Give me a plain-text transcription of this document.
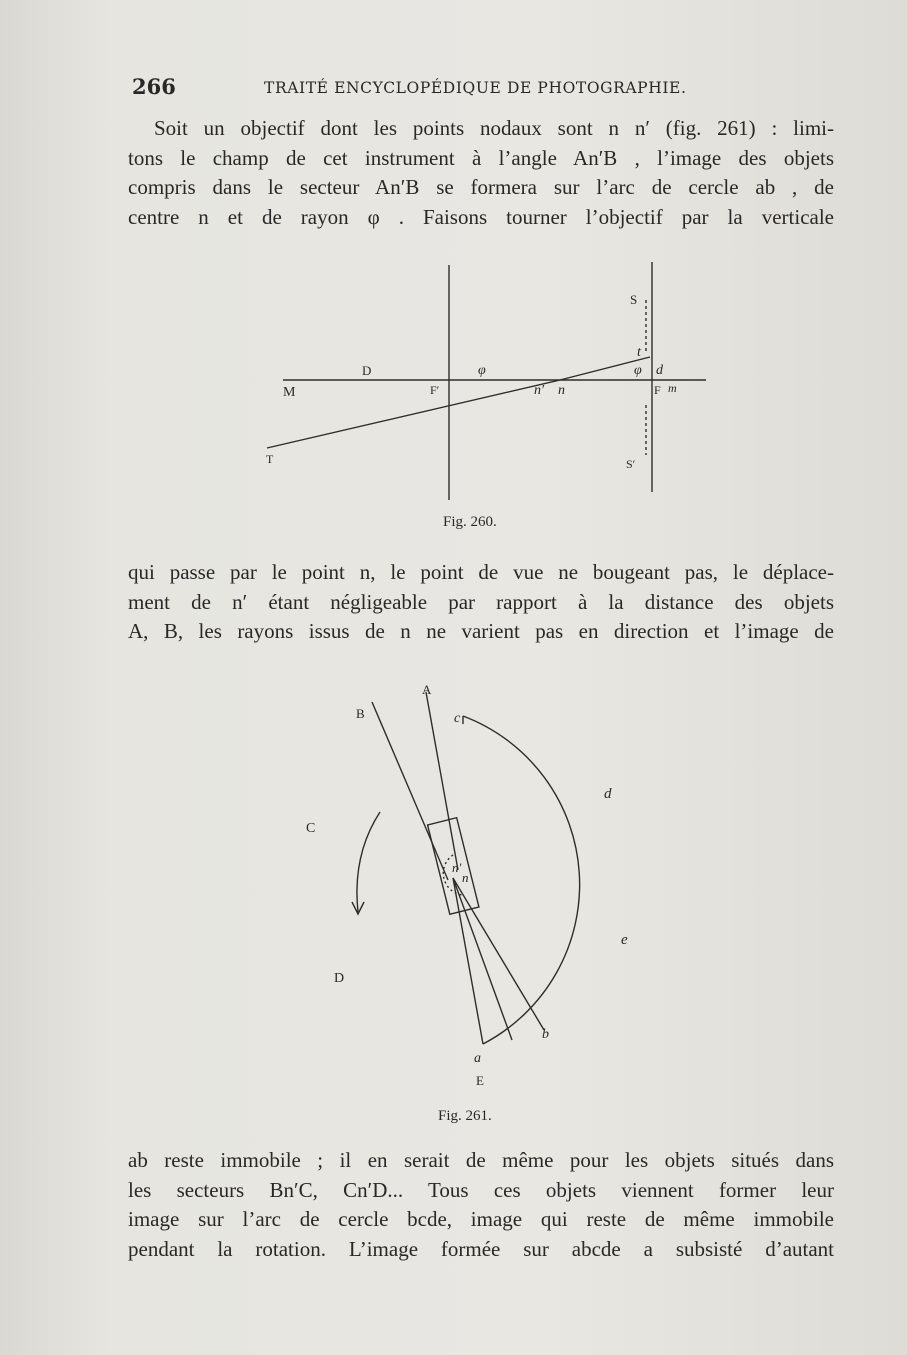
266	TRAITÉ ENCYCLOPÉDIQUE DE PHOTOGRAPHIE.

Soit un objectif dont les points nodaux sont n n′ (fig. 261) : limi-
tons le champ de cet instrument à l’angle An′B , l’image des objets
compris dans le secteur An′B se formera sur l’arc de cercle ab , de
centre n et de rayon φ . Faisons tourner l’objectif par la verticale

M
D
F′
φ
n′ n
S
t
φ d
F m
T	S′
Fig. 260.

qui passe par le point n, le point de vue ne bougeant pas, le déplace-
ment de n′ étant négligeable par rapport à la distance des objets
A, B, les rayons issus de n ne varient pas en direction et l’image de

A
B	c
C
d
n′
n
e
D
b
a
E
Fig. 261.

ab reste immobile ; il en serait de même pour les objets situés dans
les secteurs Bn′C, Cn′D... Tous ces objets viennent former leur
image sur l’arc de cercle bcde, image qui reste de même immobile
pendant la rotation. L’image formée sur abcde a subsisté d’autant
